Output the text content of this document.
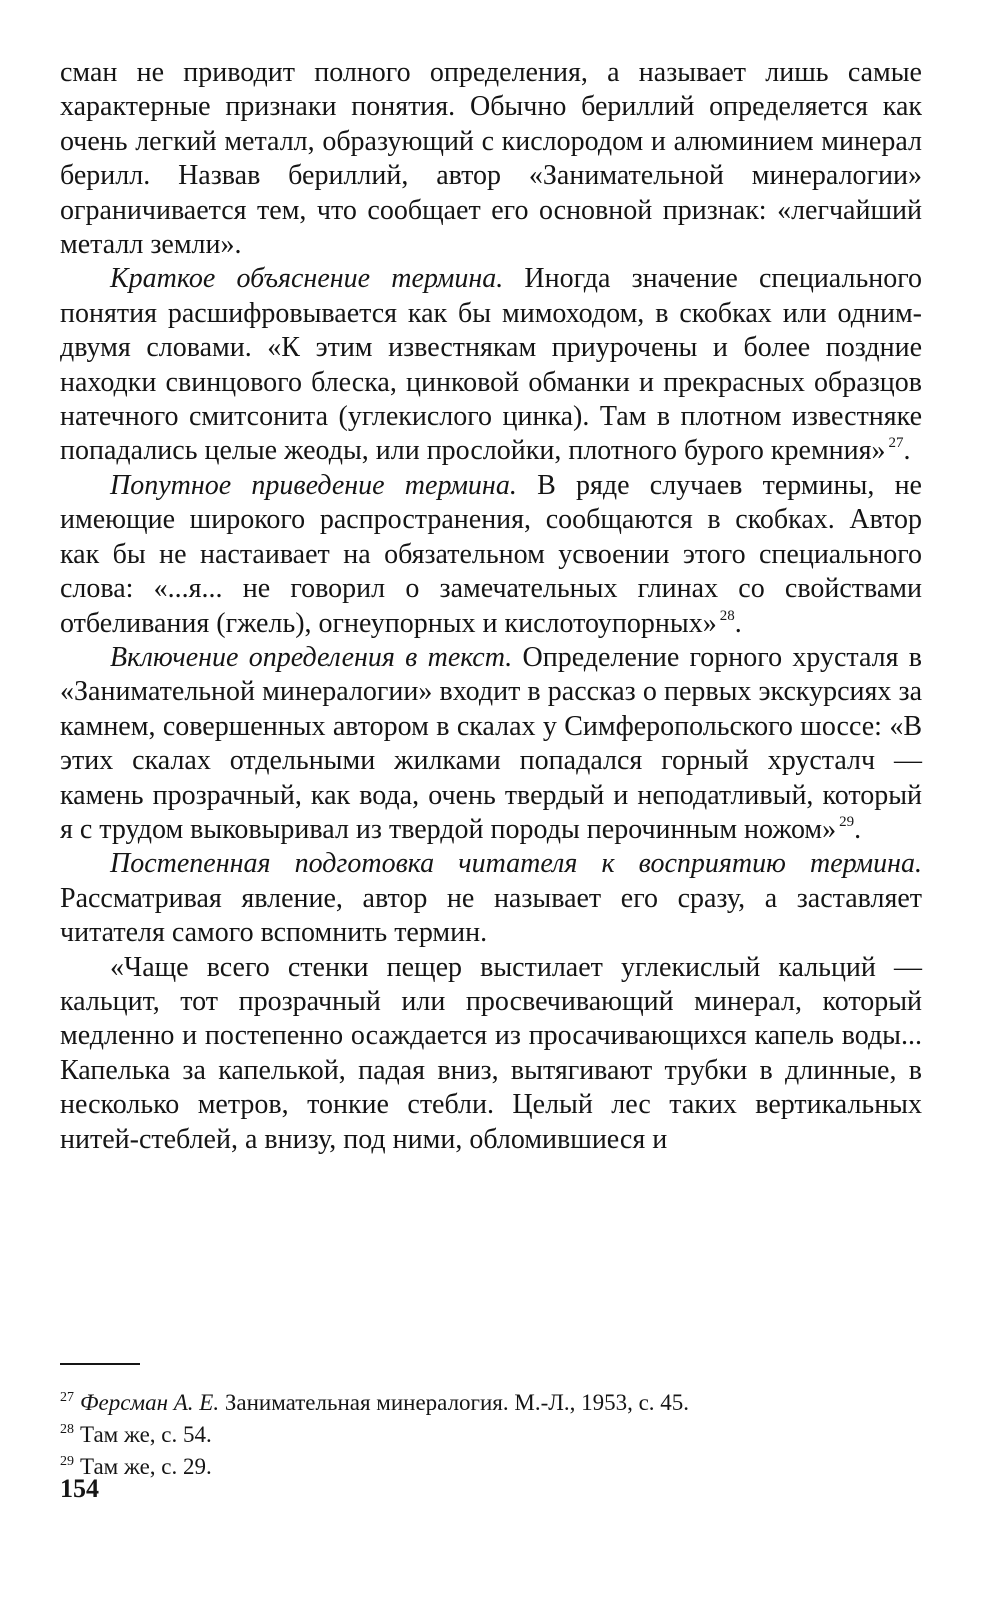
сман не приводит полного определения, а называет лишь самые характерные признаки понятия. Обычно бериллий определяется как очень легкий металл, образующий с кислородом и алюминием минерал берилл. Назвав бериллий, автор «Занимательной минералогии» ограничивается тем, что сообщает его основной признак: «легчайший металл земли».

Краткое объяснение термина. Иногда значение специального понятия расшифровывается как бы мимоходом, в скобках или одним-двумя словами. «К этим известнякам приурочены и более поздние находки свинцового блеска, цинковой обманки и прекрасных образцов натечного смитсонита (углекислого цинка). Там в плотном известняке попадались целые жеоды, или прослойки, плотного бурого кремния» $^{27}$.

Попутное приведение термина. В ряде случаев термины, не имеющие широкого распространения, сообщаются в скобках. Автор как бы не настаивает на обязательном усвоении этого специального слова: «...я... не говорил о замечательных глинах со свойствами отбеливания (гжель), огнеупорных и кислотоупорных» $^{28}$.

Включение определения в текст. Определение горного хрусталя в «Занимательной минералогии» входит в рассказ о первых экскурсиях за камнем, совершенных автором в скалах у Симферопольского шоссе: «В этих скалах отдельными жилками попадался горный хрусталч — камень прозрачный, как вода, очень твердый и неподатливый, который я с трудом выковыривал из твердой породы перочинным ножом» $^{29}$.

Постепенная подготовка читателя к восприятию термина. Рассматривая явление, автор не называет его сразу, а заставляет читателя самого вспомнить термин.

«Чаще всего стенки пещер выстилает углекислый кальций — кальцит, тот прозрачный или просвечивающий минерал, который медленно и постепенно осаждается из просачивающихся капель воды... Капелька за капелькой, падая вниз, вытягивают трубки в длинные, в несколько метров, тонкие стебли. Целый лес таких вертикальных нитей-стеблей, а внизу, под ними, обломившиеся и

$^{27}$ Ферсман А. Е. Занимательная минералогия. М.-Л., 1953, с. 45.

$^{28}$ Там же, с. 54.

$^{29}$ Там же, с. 29.

154
